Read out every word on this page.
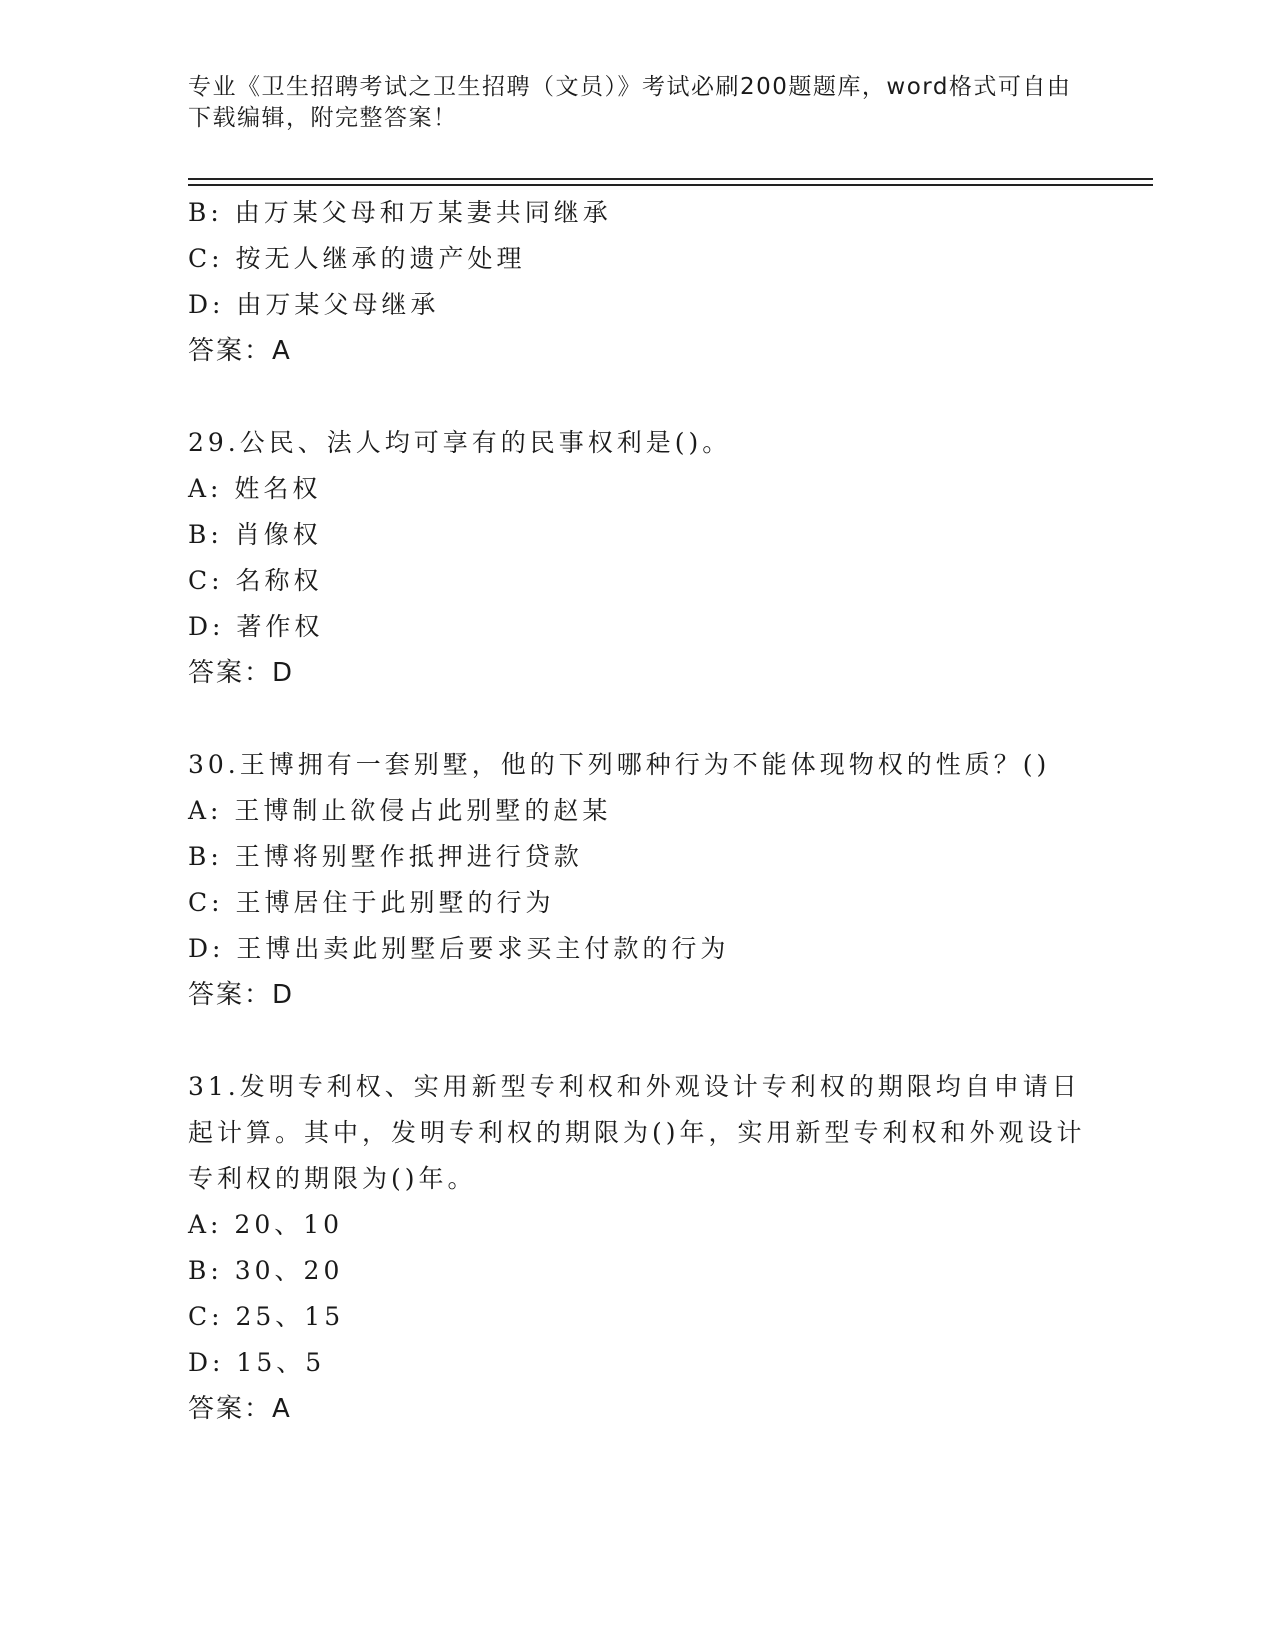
专业《卫生招聘考试之卫生招聘（文员）》考试必刷200题题库，word格式可自由下载编辑，附完整答案！
B: 由万某父母和万某妻共同继承
C: 按无人继承的遗产处理
D: 由万某父母继承
答案：A
29.公民、法人均可享有的民事权利是()。
A: 姓名权
B: 肖像权
C: 名称权
D: 著作权
答案：D
30.王博拥有一套别墅，他的下列哪种行为不能体现物权的性质？()
A: 王博制止欲侵占此别墅的赵某
B: 王博将别墅作抵押进行贷款
C: 王博居住于此别墅的行为
D: 王博出卖此别墅后要求买主付款的行为
答案：D
31.发明专利权、实用新型专利权和外观设计专利权的期限均自申请日起计算。其中，发明专利权的期限为()年，实用新型专利权和外观设计专利权的期限为()年。
A: 20、10
B: 30、20
C: 25、15
D: 15、5
答案：A
